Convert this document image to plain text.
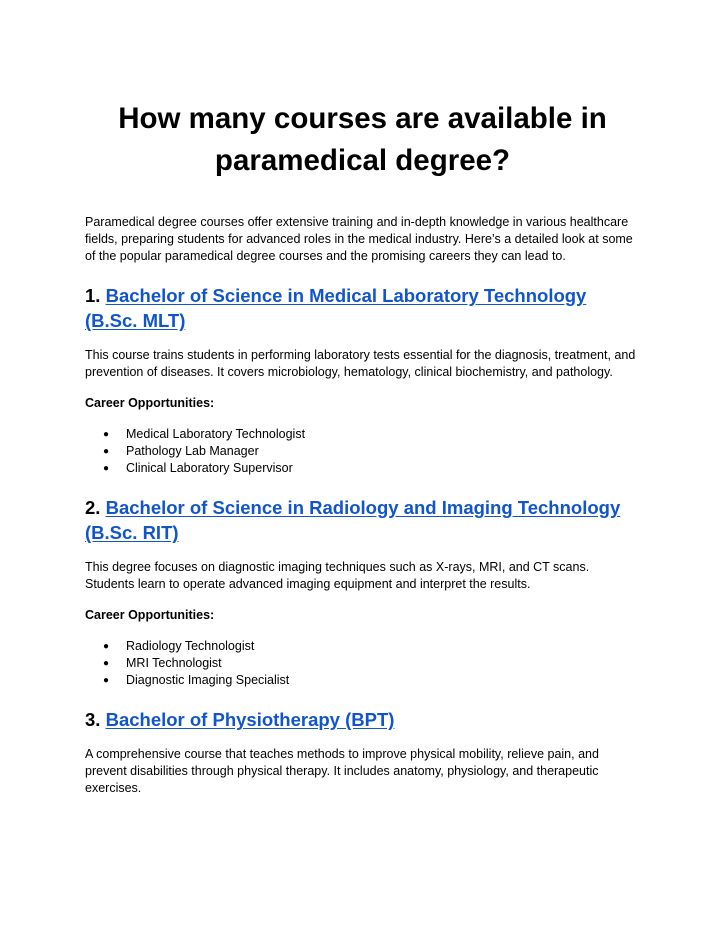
How many courses are available in paramedical degree?

Paramedical degree courses offer extensive training and in-depth knowledge in various healthcare fields, preparing students for advanced roles in the medical industry. Here’s a detailed look at some of the popular paramedical degree courses and the promising careers they can lead to.

1. Bachelor of Science in Medical Laboratory Technology (B.Sc. MLT)

This course trains students in performing laboratory tests essential for the diagnosis, treatment, and prevention of diseases. It covers microbiology, hematology, clinical biochemistry, and pathology.

Career Opportunities:

● Medical Laboratory Technologist
● Pathology Lab Manager
● Clinical Laboratory Supervisor
2. Bachelor of Science in Radiology and Imaging Technology (B.Sc. RIT)

This degree focuses on diagnostic imaging techniques such as X-rays, MRI, and CT scans. Students learn to operate advanced imaging equipment and interpret the results.

Career Opportunities:

● Radiology Technologist
● MRI Technologist
● Diagnostic Imaging Specialist
3. Bachelor of Physiotherapy (BPT)

A comprehensive course that teaches methods to improve physical mobility, relieve pain, and prevent disabilities through physical therapy. It includes anatomy, physiology, and therapeutic exercises.
